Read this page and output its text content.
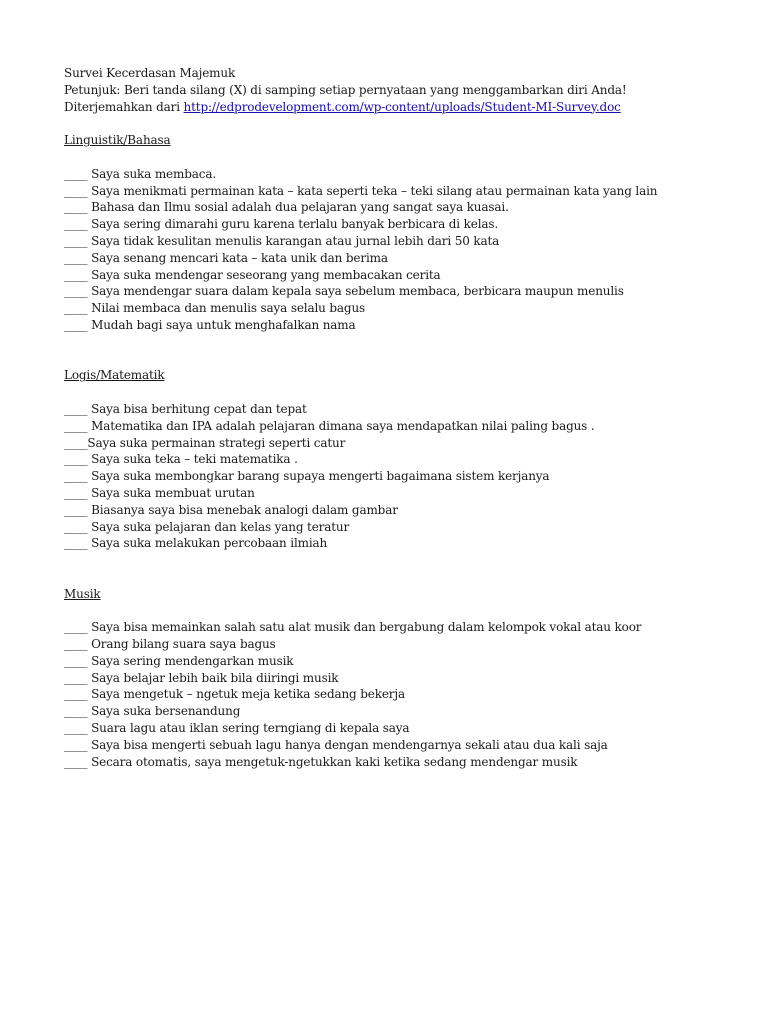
Survei Kecerdasan Majemuk
Petunjuk: Beri tanda silang (X) di samping setiap pernyataan yang menggambarkan diri Anda!
Diterjemahkan dari http://edprodevelopment.com/wp-content/uploads/Student-MI-Survey.doc
Linguistik/Bahasa
____ Saya suka membaca.
____ Saya menikmati permainan kata – kata seperti teka – teki silang atau permainan kata yang lain
____ Bahasa dan Ilmu sosial adalah dua pelajaran yang sangat saya kuasai.
____ Saya sering dimarahi guru karena terlalu banyak berbicara di kelas.
____ Saya tidak kesulitan menulis karangan atau jurnal lebih dari 50 kata
____ Saya senang mencari kata – kata unik dan berima
____ Saya suka mendengar seseorang yang membacakan cerita
____ Saya mendengar suara dalam kepala saya sebelum membaca, berbicara maupun menulis
____ Nilai membaca dan menulis saya selalu bagus
____ Mudah bagi saya untuk menghafalkan nama
Logis/Matematik
____ Saya bisa berhitung cepat dan tepat
____ Matematika dan IPA adalah pelajaran dimana saya mendapatkan nilai paling bagus .
____Saya suka permainan strategi seperti catur
____ Saya suka teka – teki matematika .
____ Saya suka membongkar barang supaya mengerti bagaimana sistem kerjanya
____ Saya suka membuat urutan
____ Biasanya saya bisa menebak analogi dalam gambar
____ Saya suka pelajaran dan kelas yang teratur
____ Saya suka melakukan percobaan ilmiah
Musik
____ Saya bisa memainkan salah satu alat musik dan bergabung dalam kelompok vokal atau koor
____ Orang bilang suara saya bagus
____ Saya sering mendengarkan musik
____ Saya belajar lebih baik bila diiringi musik
____ Saya mengetuk – ngetuk meja ketika sedang bekerja
____ Saya suka bersenandung
____ Suara lagu atau iklan sering terngiang di kepala saya
____ Saya bisa mengerti sebuah lagu hanya dengan mendengarnya sekali atau dua kali saja
____ Secara otomatis, saya mengetuk-ngetukkan kaki ketika sedang mendengar musik
